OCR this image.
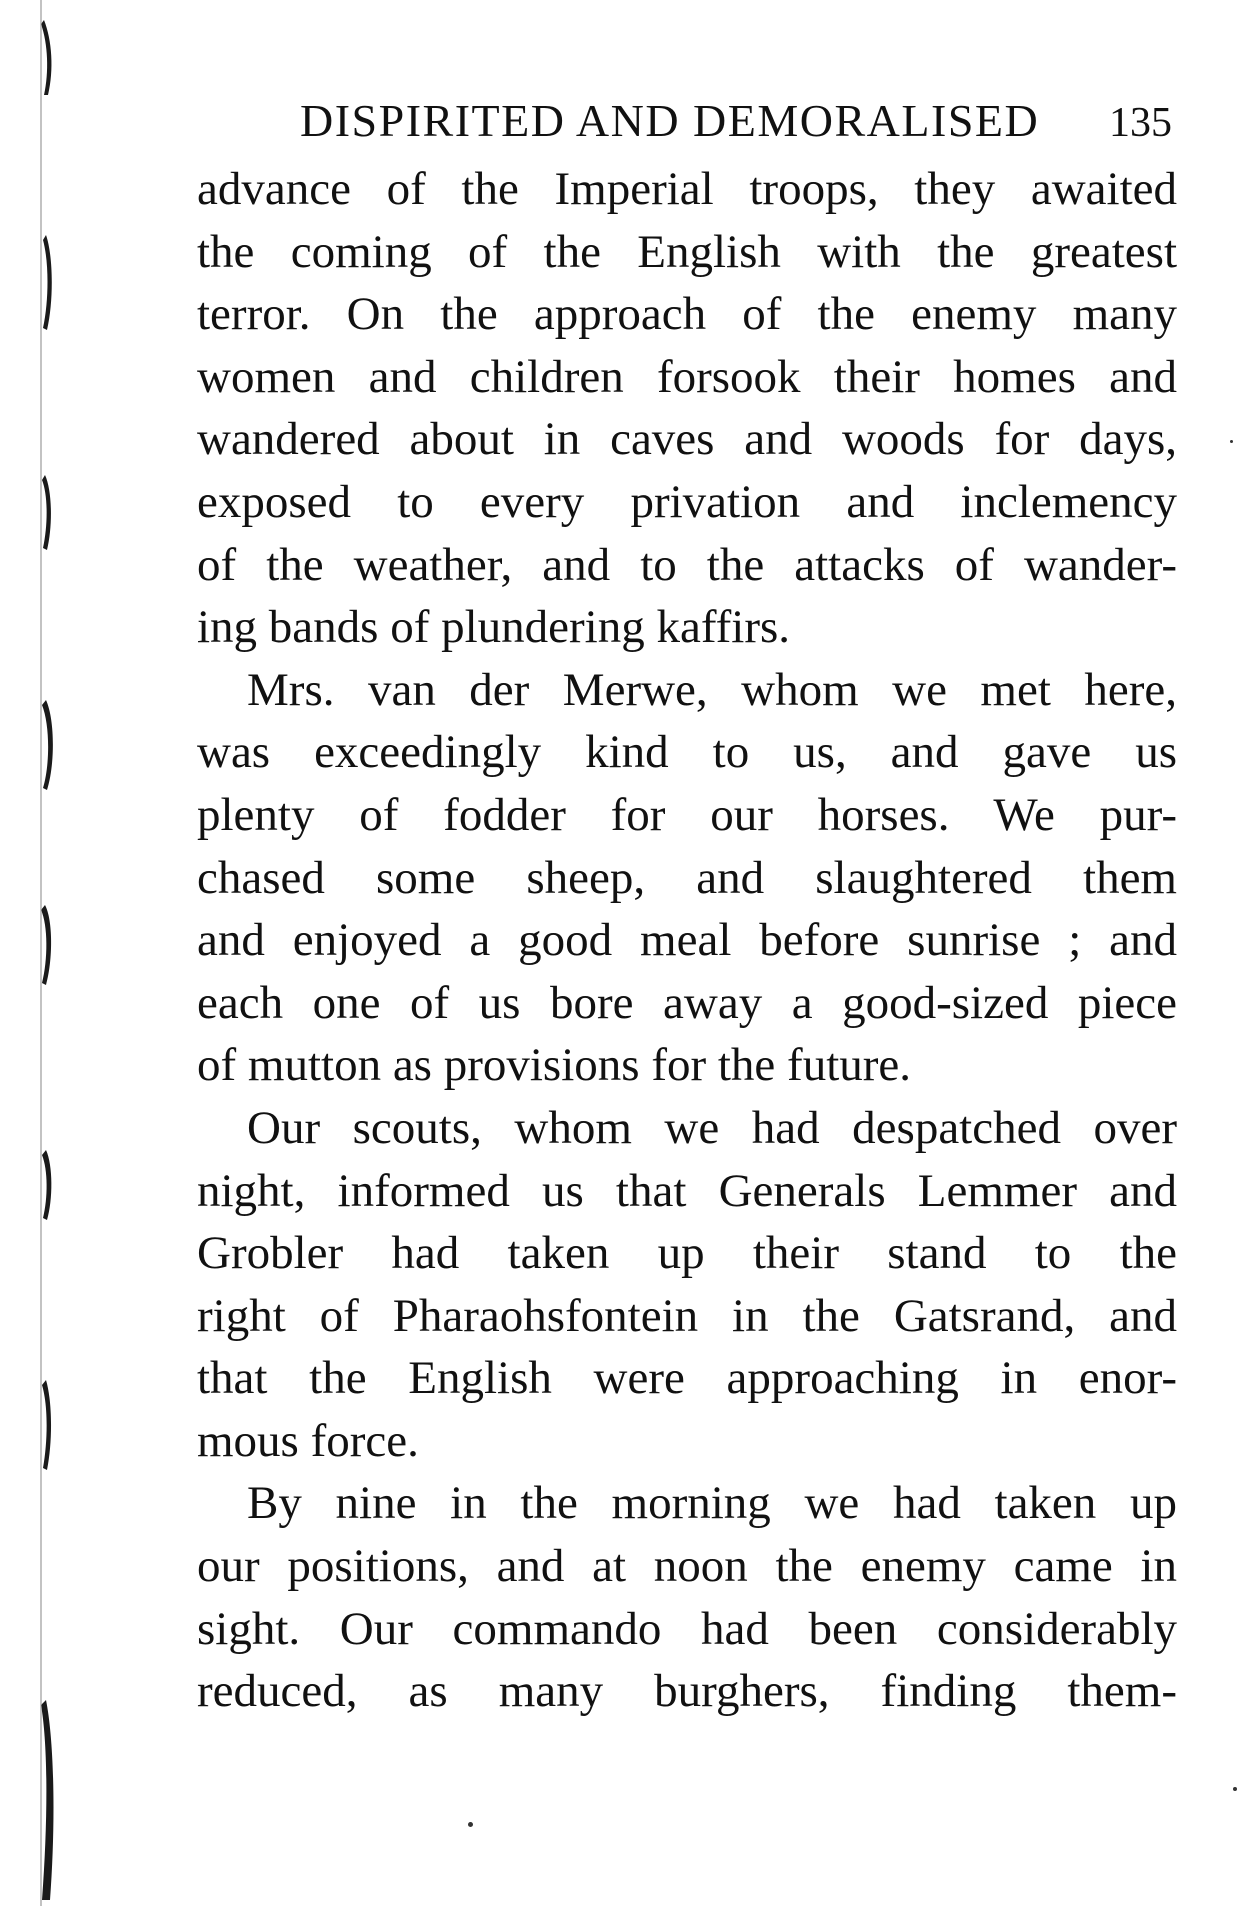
DISPIRITED AND DEMORALISED 135
advance of the Imperial troops, they awaited
the coming of the English with the greatest
terror. On the approach of the enemy many
women and children forsook their homes and
wandered about in caves and woods for days,
exposed to every privation and inclemency
of the weather, and to the attacks of wander-
ing bands of plundering kaffirs.
Mrs. van der Merwe, whom we met here,
was exceedingly kind to us, and gave us
plenty of fodder for our horses. We pur-
chased some sheep, and slaughtered them
and enjoyed a good meal before sunrise ; and
each one of us bore away a good-sized piece
of mutton as provisions for the future.
Our scouts, whom we had despatched over
night, informed us that Generals Lemmer and
Grobler had taken up their stand to the
right of Pharaohsfontein in the Gatsrand, and
that the English were approaching in enor-
mous force.
By nine in the morning we had taken up
our positions, and at noon the enemy came in
sight. Our commando had been considerably
reduced, as many burghers, finding them-
